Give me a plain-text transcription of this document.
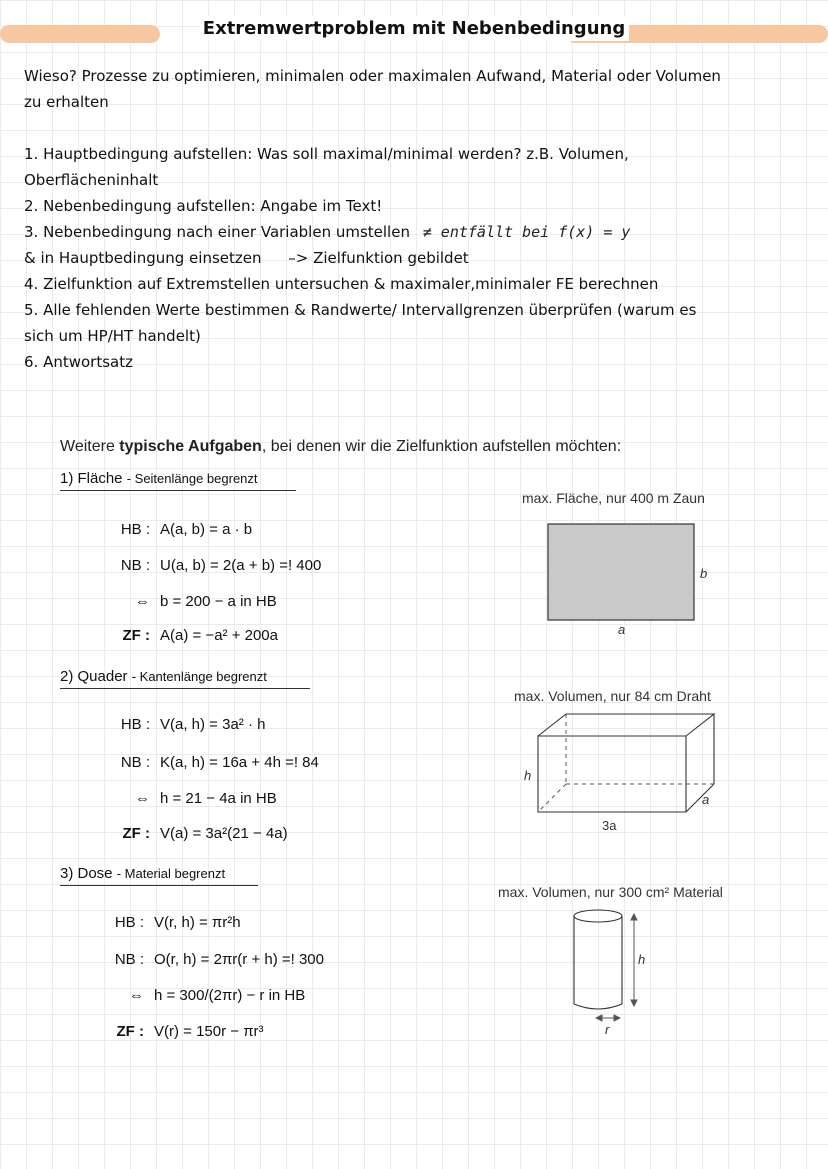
Extremwertproblem mit Nebenbedingung
Wieso? Prozesse zu optimieren, minimalen oder maximalen Aufwand, Material oder Volumen
zu erhalten
1. Hauptbedingung aufstellen: Was soll maximal/minimal werden? z.B. Volumen,
Oberflächeninhalt
2. Nebenbedingung aufstellen: Angabe im Text!
3. Nebenbedingung nach einer Variablen umstellen ≠ entfällt bei f(x) = y
& in Hauptbedingung einsetzen –> Zielfunktion gebildet
4. Zielfunktion auf Extremstellen untersuchen & maximaler,minimaler FE berechnen
5. Alle fehlenden Werte bestimmen & Randwerte/ Intervallgrenzen überprüfen (warum es
sich um HP/HT handelt)
6. Antwortsatz
Weitere typische Aufgaben, bei denen wir die Zielfunktion aufstellen möchten:
1) Fläche - Seitenlänge begrenzt
max. Fläche, nur 400 m Zaun
HB : A(a, b) = a · b
NB : U(a, b) = 2(a + b) =! 400
⇔ b = 200 − a in HB
ZF : A(a) = −a² + 200a
b
a
2) Quader - Kantenlänge begrenzt
max. Volumen, nur 84 cm Draht
HB : V(a, h) = 3a² · h
NB : K(a, h) = 16a + 4h =! 84
⇔ h = 21 − 4a in HB
ZF : V(a) = 3a²(21 − 4a)
h
a
3a
3) Dose - Material begrenzt
max. Volumen, nur 300 cm² Material
HB : V(r, h) = πr²h
NB : O(r, h) = 2πr(r + h) =! 300
⇔ h = 300/(2πr) − r in HB
ZF : V(r) = 150r − πr³
h
r
